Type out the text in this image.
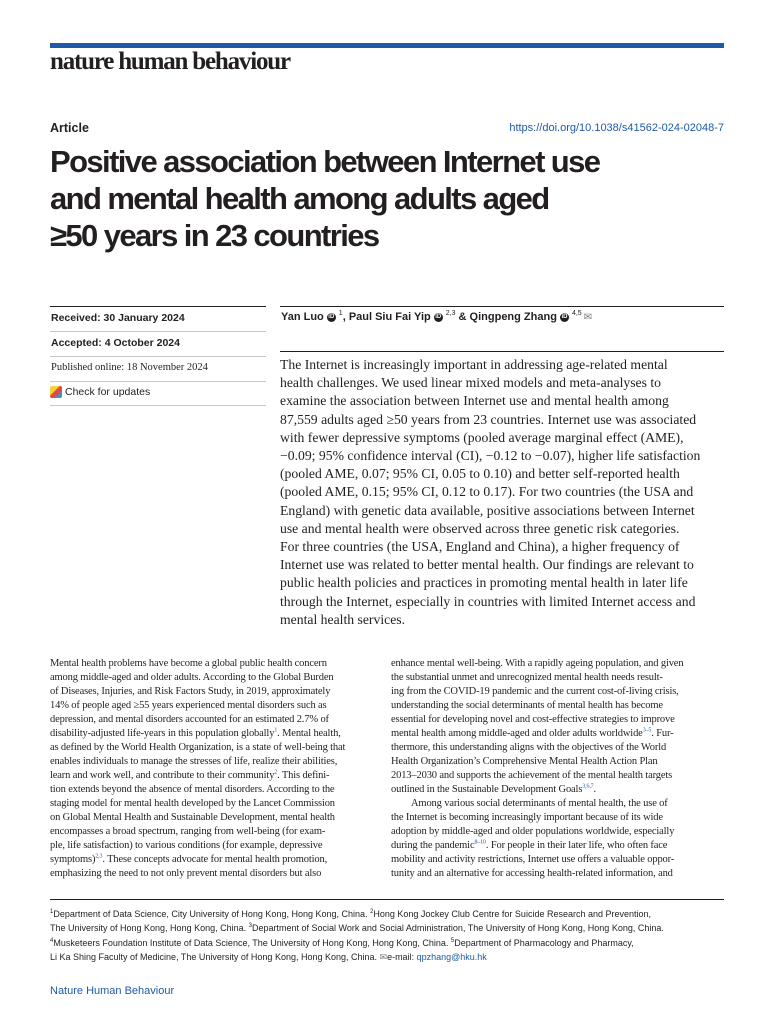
nature human behaviour
Article	https://doi.org/10.1038/s41562-024-02048-7
Positive association between Internet use
and mental health among adults aged
≥50 years in 23 countries
Received: 30 January 2024
Accepted: 4 October 2024
Published online: 18 November 2024
Check for updates
Yan Luo iD $^1$ ,
Paul Siu Fai Yip iD $^{2,3}$
&
Qingpeng Zhang iD $^{4,5}$ ✉
The Internet is increasingly important in addressing age-related mental
health challenges. We used linear mixed models and meta-analyses to
examine the association between Internet use and mental health among
87,559 adults aged ≥50 years from 23 countries. Internet use was associated
with fewer depressive symptoms (pooled average marginal effect (AME),
−0.09; 95% confidence interval (CI), −0.12 to −0.07), higher life satisfaction
(pooled AME, 0.07; 95% CI, 0.05 to 0.10) and better self-reported health
(pooled AME, 0.15; 95% CI, 0.12 to 0.17). For two countries (the USA and
England) with genetic data available, positive associations between Internet
use and mental health were observed across three genetic risk categories.
For three countries (the USA, England and China), a higher frequency of
Internet use was related to better mental health. Our findings are relevant to
public health policies and practices in promoting mental health in later life
through the Internet, especially in countries with limited Internet access and
mental health services.
Mental health problems have become a global public health concern
among middle-aged and older adults. According to the Global Burden
of Diseases, Injuries, and Risk Factors Study, in 2019, approximately
14% of people aged ≥55 years experienced mental disorders such as
depression, and mental disorders accounted for an estimated 2.7% of
disability-adjusted life-years in this population globally$^1$. Mental health,
as defined by the World Health Organization, is a state of well-being that
enables individuals to manage the stresses of life, realize their abilities,
learn and work well, and contribute to their community$^2$. This defini-
tion extends beyond the absence of mental disorders. According to the
staging model for mental health developed by the Lancet Commission
on Global Mental Health and Sustainable Development, mental health
encompasses a broad spectrum, ranging from well-being (for exam-
ple, life satisfaction) to various conditions (for example, depressive
symptoms)$^{2,3}$. These concepts advocate for mental health promotion,
emphasizing the need to not only prevent mental disorders but also
enhance mental well-being. With a rapidly ageing population, and given
the substantial unmet and unrecognized mental health needs result-
ing from the COVID-19 pandemic and the current cost-of-living crisis,
understanding the social determinants of mental health has become
essential for developing novel and cost-effective strategies to improve
mental health among middle-aged and older adults worldwide$^{3-5}$. Fur-
thermore, this understanding aligns with the objectives of the World
Health Organization’s Comprehensive Mental Health Action Plan
2013–2030 and supports the achievement of the mental health targets
outlined in the Sustainable Development Goals$^{3,6,7}$.
Among various social determinants of mental health, the use of
the Internet is becoming increasingly important because of its wide
adoption by middle-aged and older populations worldwide, especially
during the pandemic$^{8-10}$. For people in their later life, who often face
mobility and activity restrictions, Internet use offers a valuable oppor-
tunity and an alternative for accessing health-related information, and
$^1$Department of Data Science, City University of Hong Kong, Hong Kong, China. $^2$Hong Kong Jockey Club Centre for Suicide Research and Prevention,
The University of Hong Kong, Hong Kong, China. $^3$Department of Social Work and Social Administration, The University of Hong Kong, Hong Kong, China.
$^4$Musketeers Foundation Institute of Data Science, The University of Hong Kong, Hong Kong, China. $^5$Department of Pharmacology and Pharmacy,
Li Ka Shing Faculty of Medicine, The University of Hong Kong, Hong Kong, China. ✉e-mail: qpzhang@hku.hk
Nature Human Behaviour
